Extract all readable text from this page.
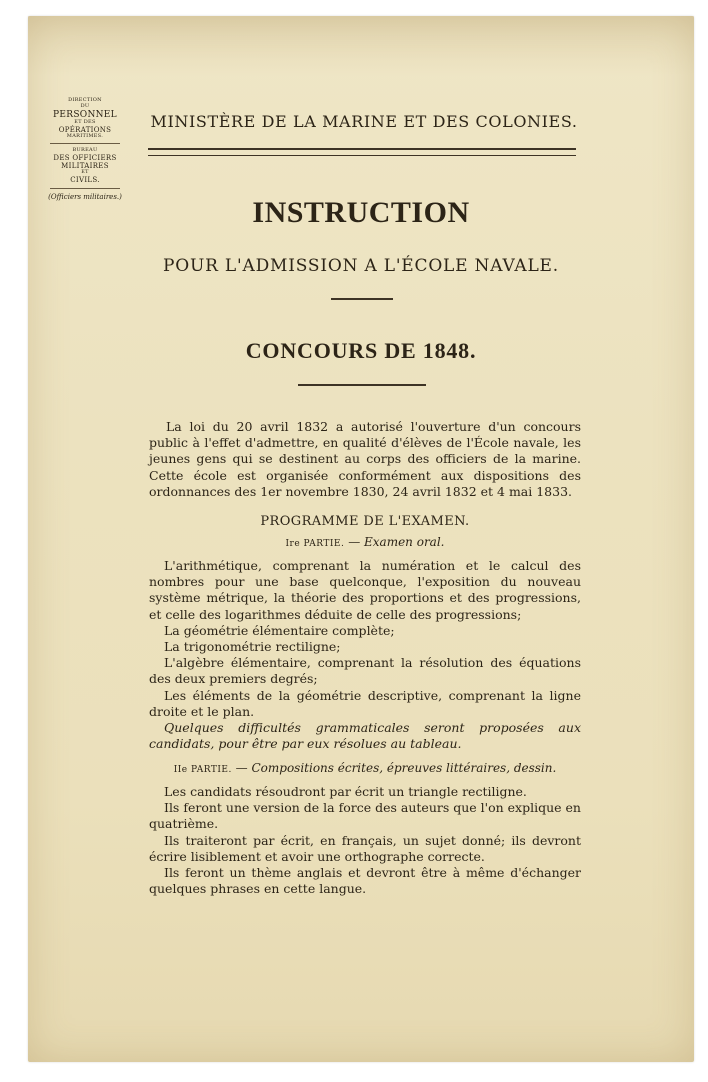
DIRECTION
DU
PERSONNEL
ET DES
OPÉRATIONS
MARITIMES.
BUREAU
DES OFFICIERS
MILITAIRES
ET
CIVILS.
(Officiers militaires.)
MINISTÈRE DE LA MARINE ET DES COLONIES.
INSTRUCTION
POUR L'ADMISSION A L'ÉCOLE NAVALE.
CONCOURS DE 1848.
La loi du 20 avril 1832 a autorisé l'ouverture d'un concours public à l'effet d'admettre, en qualité d'élèves de l'École navale, les jeunes gens qui se destinent au corps des officiers de la marine. Cette école est organisée conformément aux dispositions des ordonnances des 1er novembre 1830, 24 avril 1832 et 4 mai 1833.
PROGRAMME DE L'EXAMEN.
Ire PARTIE. — Examen oral.

L'arithmétique, comprenant la numération et le calcul des nombres pour une base quelconque, l'exposition du nouveau système métrique, la théorie des proportions et des progressions, et celle des logarithmes déduite de celle des progressions;

La géométrie élémentaire complète;

La trigonométrie rectiligne;

L'algèbre élémentaire, comprenant la résolution des équations des deux premiers degrés;

Les éléments de la géométrie descriptive, comprenant la ligne droite et le plan.

Quelques difficultés grammaticales seront proposées aux candidats, pour être par eux résolues au tableau.

IIe PARTIE. — Compositions écrites, épreuves littéraires, dessin.

Les candidats résoudront par écrit un triangle rectiligne.

Ils feront une version de la force des auteurs que l'on explique en quatrième.

Ils traiteront par écrit, en français, un sujet donné; ils devront écrire lisiblement et avoir une orthographe correcte.

Ils feront un thème anglais et devront être à même d'échanger quelques phrases en cette langue.
